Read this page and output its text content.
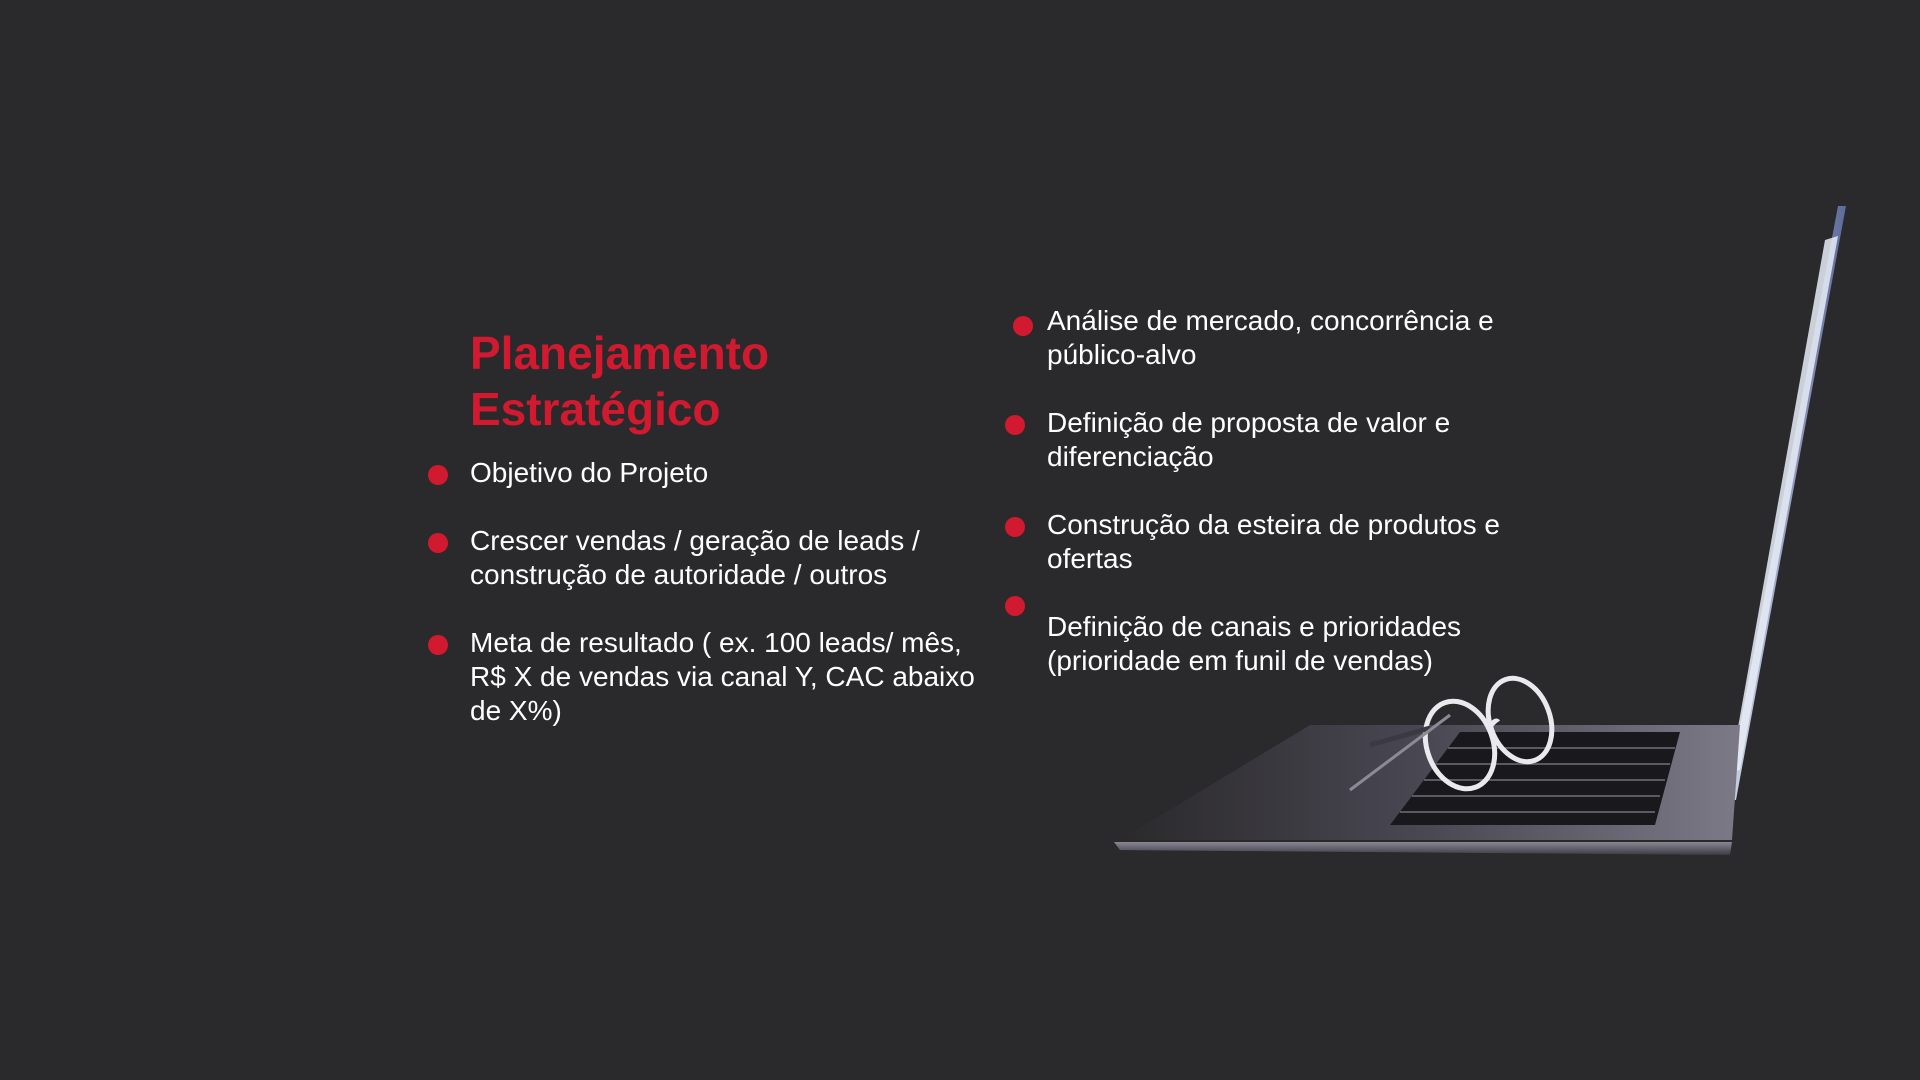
Planejamento
Estratégico
Objetivo do Projeto
Crescer vendas / geração de leads / construção de autoridade / outros
Meta de resultado ( ex. 100 leads/ mês, R$ X de vendas via canal Y, CAC abaixo de X%)
Análise de mercado, concorrência e público-alvo
Definição de proposta de valor e diferenciação
Construção da esteira de produtos e ofertas
Definição de canais e prioridades (prioridade em funil de vendas)
